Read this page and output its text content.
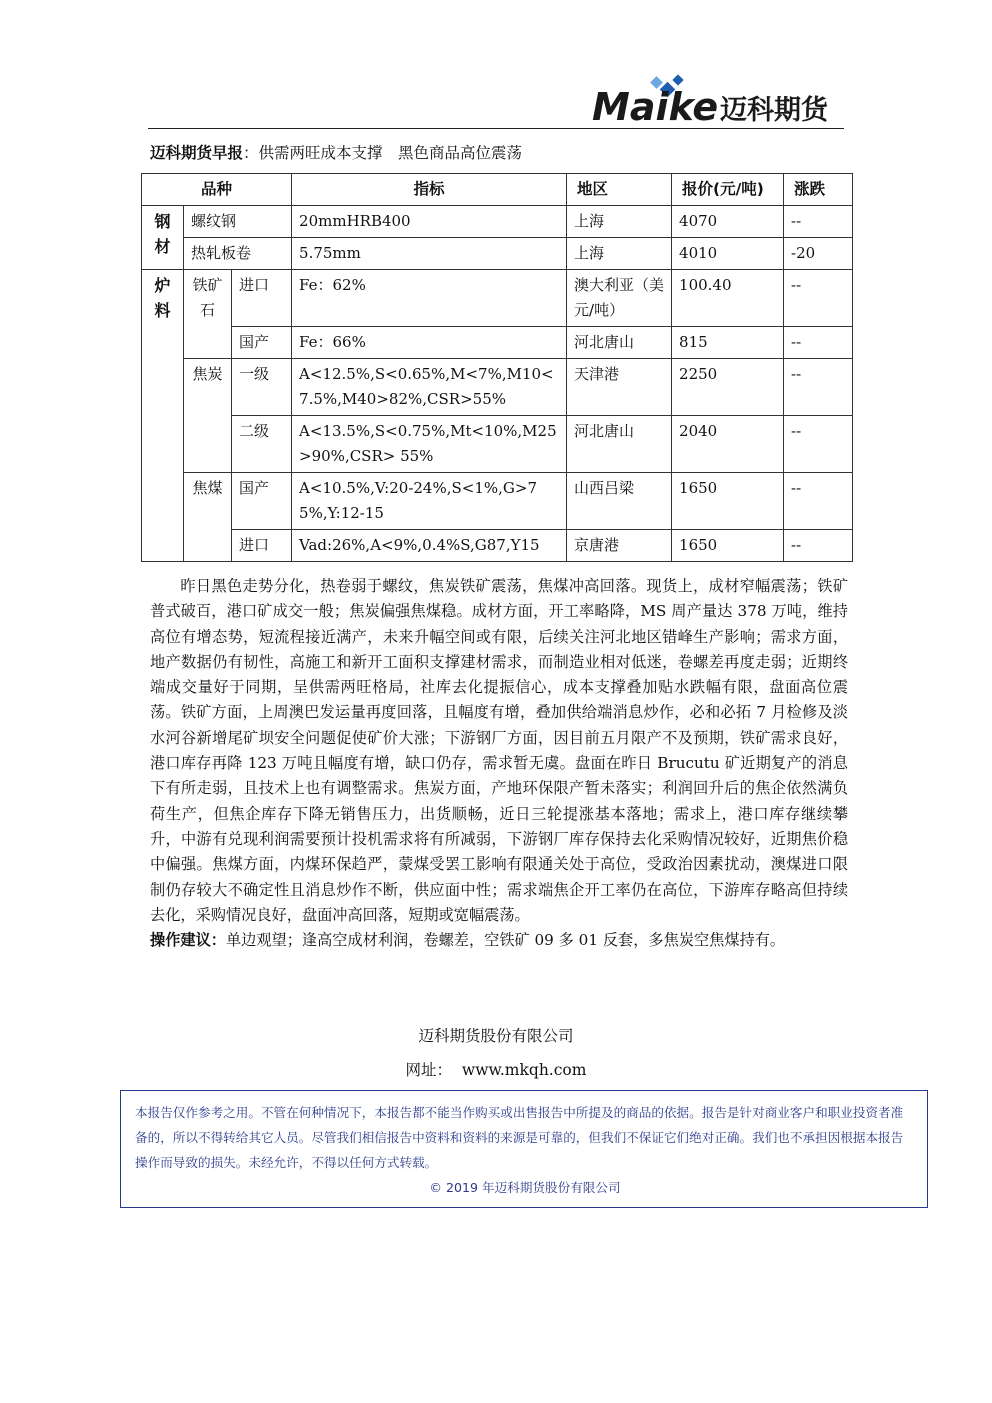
Maike 迈科期货
迈科期货早报：供需两旺成本支撑　黑色商品高位震荡
品种			指标	地区	报价(元/吨)	涨跌
钢材	螺纹钢		20mmHRB400	上海	4070	--
	热轧板卷		5.75mm	上海	4010	-20
炉料	铁矿石	进口	Fe：62%	澳大利亚（美元/吨）	100.40	--
		国产	Fe：66%	河北唐山	815	--
	焦炭	一级	A<12.5%,S<0.65%,M<7%,M10<7.5%,M40>82%,CSR>55%	天津港	2250	--
		二级	A<13.5%,S<0.75%,Mt<10%,M25>90%,CSR> 55%	河北唐山	2040	--
	焦煤	国产	A<10.5%,V:20-24%,S<1%,G>75%,Y:12-15	山西吕梁	1650	--
		进口	Vad:26%,A<9%,0.4%S,G87,Y15	京唐港	1650	--

昨日黑色走势分化，热卷弱于螺纹，焦炭铁矿震荡，焦煤冲高回落。现货上，成材窄幅震荡；铁矿普式破百，港口矿成交一般；焦炭偏强焦煤稳。成材方面，开工率略降，MS 周产量达 378 万吨，维持高位有增态势，短流程接近满产，未来升幅空间或有限，后续关注河北地区错峰生产影响；需求方面，地产数据仍有韧性，高施工和新开工面积支撑建材需求，而制造业相对低迷，卷螺差再度走弱；近期终端成交量好于同期，呈供需两旺格局，社库去化提振信心，成本支撑叠加贴水跌幅有限，盘面高位震荡。铁矿方面，上周澳巴发运量再度回落，且幅度有增，叠加供给端消息炒作，必和必拓 7 月检修及淡水河谷新增尾矿坝安全问题促使矿价大涨；下游钢厂方面，因目前五月限产不及预期，铁矿需求良好，港口库存再降 123 万吨且幅度有增，缺口仍存，需求暂无虞。盘面在昨日 Brucutu 矿近期复产的消息下有所走弱，且技术上也有调整需求。焦炭方面，产地环保限产暂未落实；利润回升后的焦企依然满负荷生产，但焦企库存下降无销售压力，出货顺畅，近日三轮提涨基本落地；需求上，港口库存继续攀升，中游有兑现利润需要预计投机需求将有所减弱，下游钢厂库存保持去化采购情况较好，近期焦价稳中偏强。焦煤方面，内煤环保趋严，蒙煤受罢工影响有限通关处于高位，受政治因素扰动，澳煤进口限制仍存较大不确定性且消息炒作不断，供应面中性；需求端焦企开工率仍在高位，下游库存略高但持续去化，采购情况良好，盘面冲高回落，短期或宽幅震荡。

操作建议：单边观望；逢高空成材利润，卷螺差，空铁矿 09 多 01 反套，多焦炭空焦煤持有。

迈科期货股份有限公司
网址： www.mkqh.com
本报告仅作参考之用。不管在何种情况下，本报告都不能当作购买或出售报告中所提及的商品的依据。报告是针对商业客户和职业投资者准备的，所以不得转给其它人员。尽管我们相信报告中资料和资料的来源是可靠的，但我们不保证它们绝对正确。我们也不承担因根据本报告操作而导致的损失。未经允许，不得以任何方式转载。
© 2019 年迈科期货股份有限公司
